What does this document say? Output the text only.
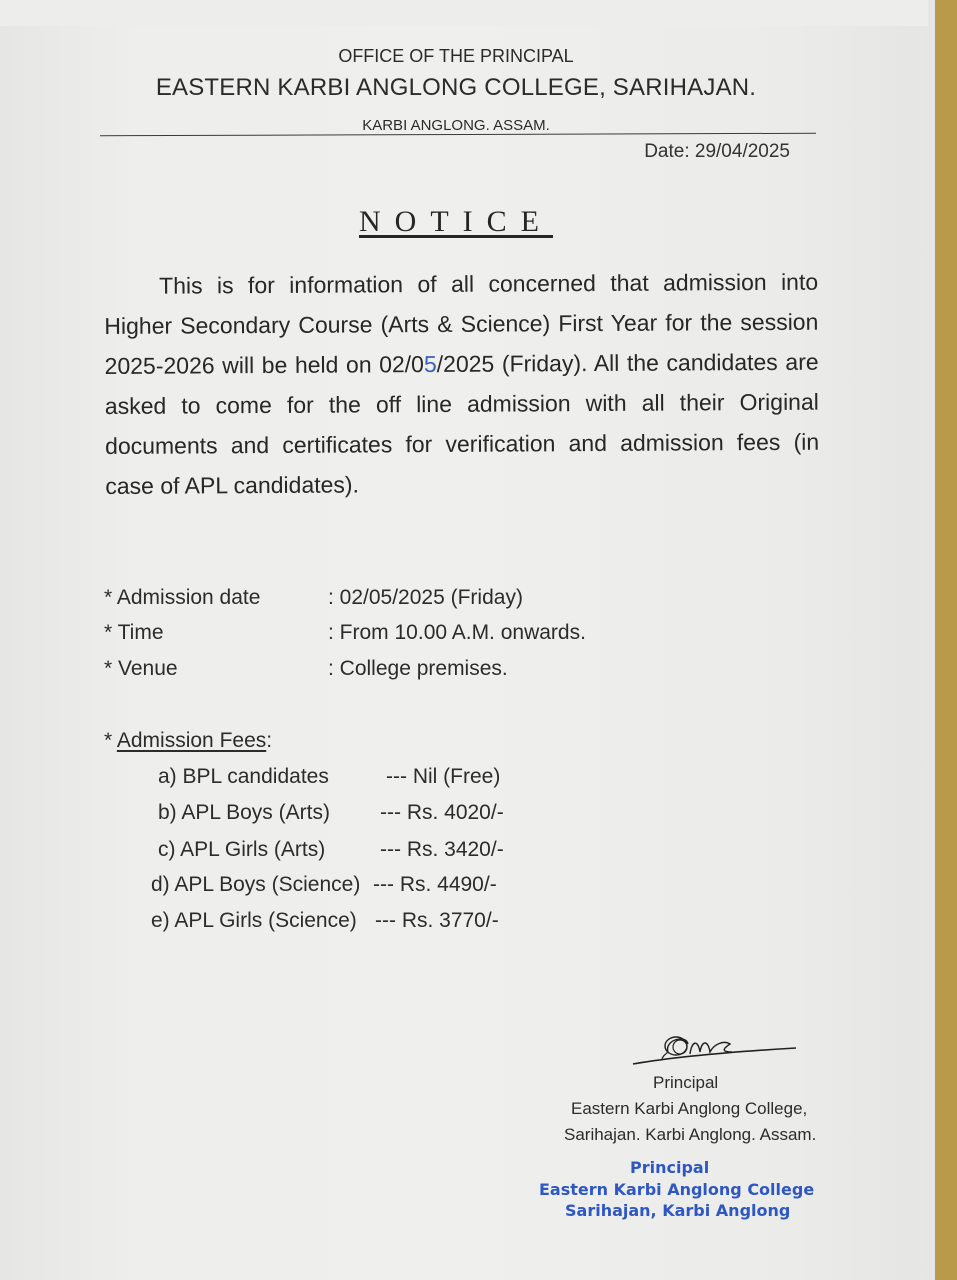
OFFICE OF THE PRINCIPAL
EASTERN KARBI ANGLONG COLLEGE, SARIHAJAN.
KARBI ANGLONG. ASSAM.
Date: 29/04/2025
NOTICE
This is for information of all concerned that admission into Higher Secondary Course (Arts & Science) First Year for the session 2025-2026 will be held on 02/05/2025 (Friday). All the candidates are asked to come for the off line admission with all their Original documents and certificates for verification and admission fees (in case of APL candidates).
* Admission date	: 02/05/2025 (Friday)
* Time	: From 10.00 A.M. onwards.
* Venue	: College premises.
* Admission Fees:
a) BPL candidates	--- Nil (Free)
b) APL Boys (Arts) --- Rs. 4020/-
c) APL Girls (Arts)	--- Rs. 3420/-
d) APL Boys (Science) --- Rs. 4490/-
e) APL Girls (Science) --- Rs. 3770/-
Principal
Eastern Karbi Anglong College,
Sarihajan. Karbi Anglong. Assam.
Principal
Eastern Karbi Anglong College
Sarihajan, Karbi Anglong
